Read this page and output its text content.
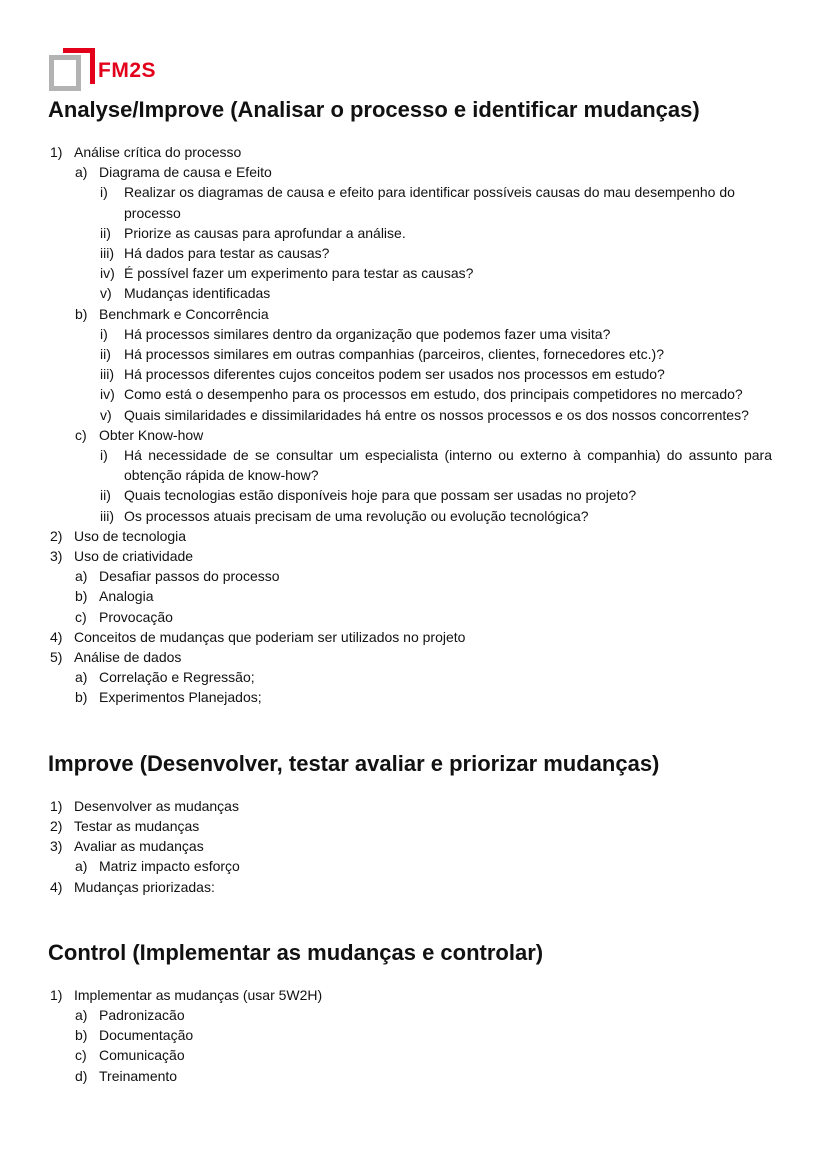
FM2S
Analyse/Improve (Analisar o processo e identificar mudanças)
1) Análise crítica do processo
a) Diagrama de causa e Efeito
i)	Realizar os diagramas de causa e efeito para identificar possíveis causas do mau desempenho do processo
ii) Priorize as causas para aprofundar a análise.
iii) Há dados para testar as causas?
iv) É possível fazer um experimento para testar as causas?
v) Mudanças identificadas
b) Benchmark e Concorrência
i)	Há processos similares dentro da organização que podemos fazer uma visita?
ii) Há processos similares em outras companhias (parceiros, clientes, fornecedores etc.)?
iii) Há processos diferentes cujos conceitos podem ser usados nos processos em estudo?
iv) Como está o desempenho para os processos em estudo, dos principais competidores no mercado?
v) Quais similaridades e dissimilaridades há entre os nossos processos e os dos nossos concorrentes?
c) Obter Know-how
i)	Há necessidade de se consultar um especialista (interno ou externo à companhia) do assunto para obtenção rápida de know-how?
ii) Quais tecnologias estão disponíveis hoje para que possam ser usadas no projeto?
iii) Os processos atuais precisam de uma revolução ou evolução tecnológica?
2) Uso de tecnologia
3) Uso de criatividade
a) Desafiar passos do processo
b) Analogia
c) Provocação
4) Conceitos de mudanças que poderiam ser utilizados no projeto
5) Análise de dados
a) Correlação e Regressão;
b) Experimentos Planejados;
Improve (Desenvolver, testar avaliar e priorizar mudanças)
1) Desenvolver as mudanças
2) Testar as mudanças
3) Avaliar as mudanças
a) Matriz impacto esforço
4) Mudanças priorizadas:
Control (Implementar as mudanças e controlar)
1) Implementar as mudanças (usar 5W2H)
a) Padronizacão
b) Documentação
c) Comunicação
d) Treinamento
